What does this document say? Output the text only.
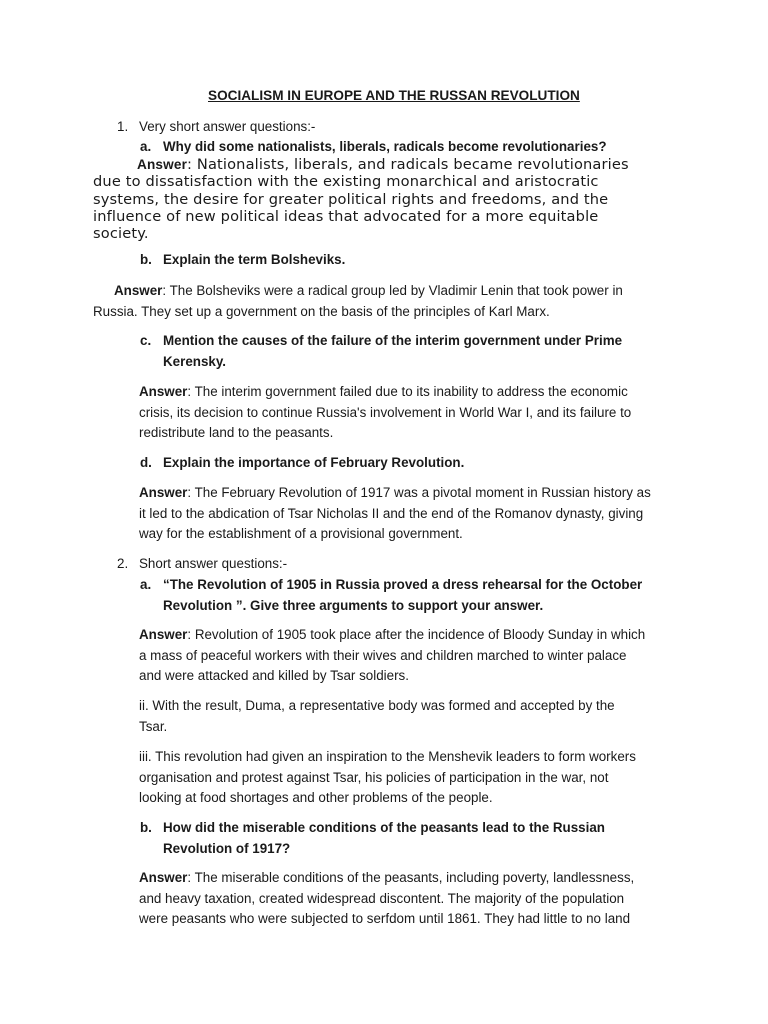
SOCIALISM IN EUROPE AND THE RUSSAN REVOLUTION
1. Very short answer questions:-
a. Why did some nationalists, liberals, radicals become revolutionaries?
Answer: Nationalists, liberals, and radicals became revolutionaries
due to dissatisfaction with the existing monarchical and aristocratic
systems, the desire for greater political rights and freedoms, and the
influence of new political ideas that advocated for a more equitable
society.
b. Explain the term Bolsheviks.
Answer: The Bolsheviks were a radical group led by Vladimir Lenin that took power in
Russia. They set up a government on the basis of the principles of Karl Marx.
c. Mention the causes of the failure of the interim government under Prime
Kerensky.
Answer: The interim government failed due to its inability to address the economic
crisis, its decision to continue Russia's involvement in World War I, and its failure to
redistribute land to the peasants.
d. Explain the importance of February Revolution.
Answer: The February Revolution of 1917 was a pivotal moment in Russian history as
it led to the abdication of Tsar Nicholas II and the end of the Romanov dynasty, giving
way for the establishment of a provisional government.
2. Short answer questions:-
a. “The Revolution of 1905 in Russia proved a dress rehearsal for the October
Revolution ”. Give three arguments to support your answer.
Answer: Revolution of 1905 took place after the incidence of Bloody Sunday in which
a mass of peaceful workers with their wives and children marched to winter palace
and were attacked and killed by Tsar soldiers.
ii. With the result, Duma, a representative body was formed and accepted by the
Tsar.
iii. This revolution had given an inspiration to the Menshevik leaders to form workers
organisation and protest against Tsar, his policies of participation in the war, not
looking at food shortages and other problems of the people.
b. How did the miserable conditions of the peasants lead to the Russian
Revolution of 1917?
Answer: The miserable conditions of the peasants, including poverty, landlessness,
and heavy taxation, created widespread discontent. The majority of the population
were peasants who were subjected to serfdom until 1861. They had little to no land
